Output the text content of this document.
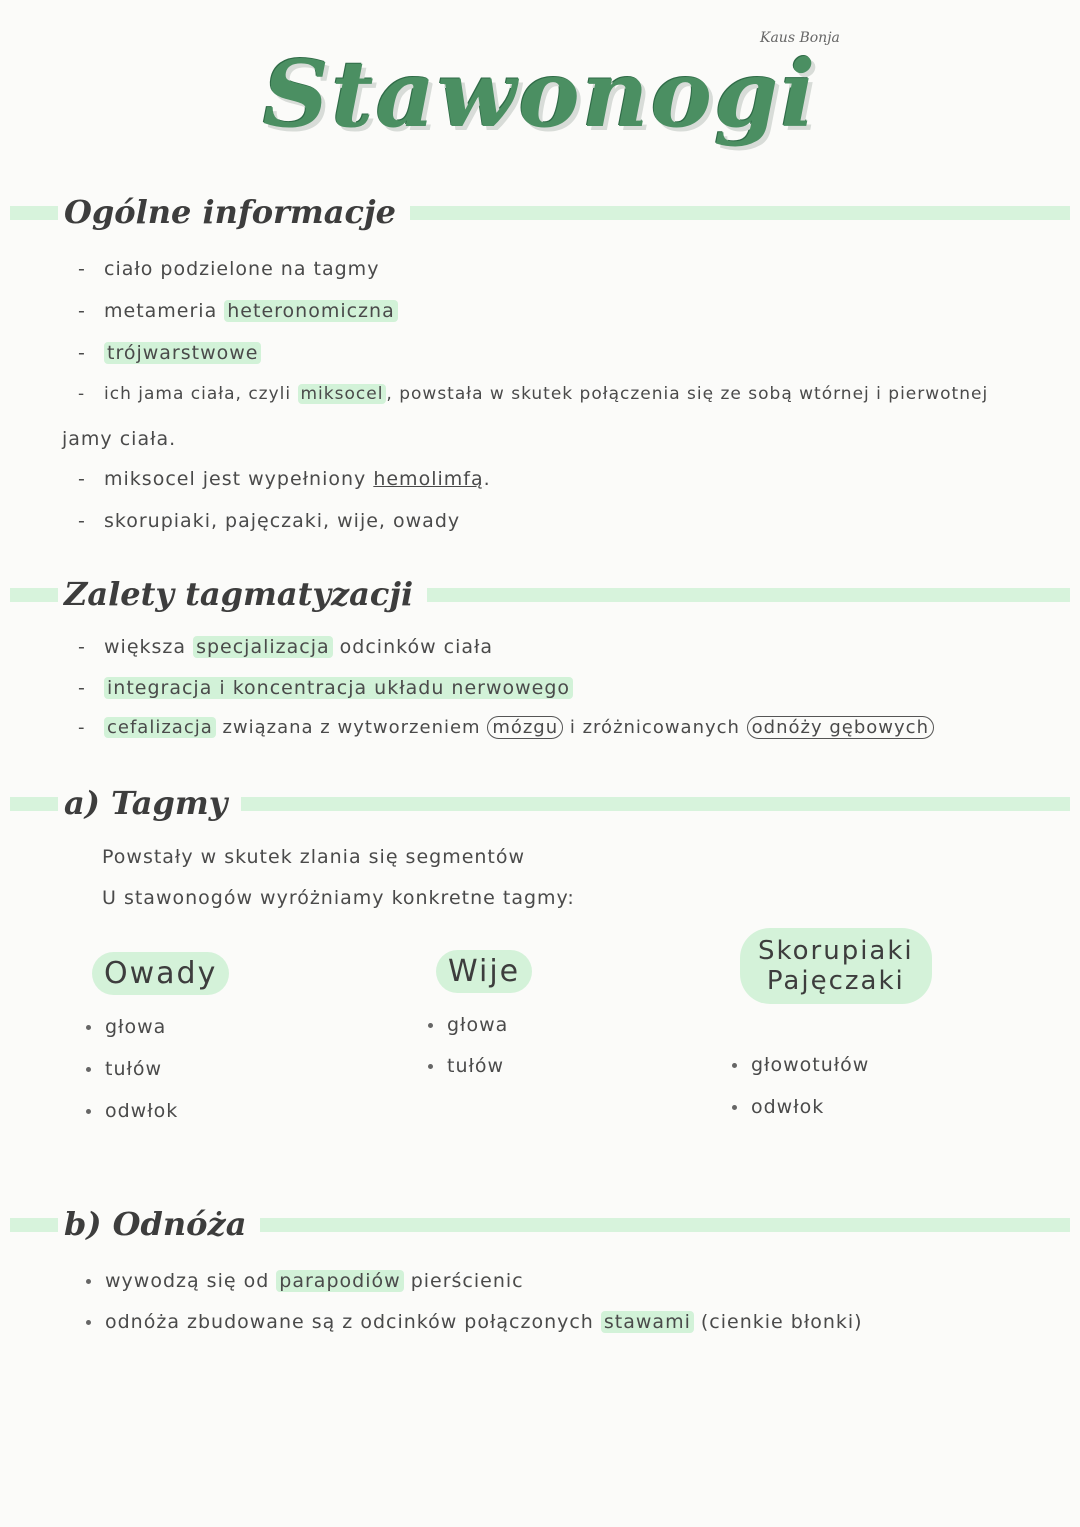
Kaus Bonja
Stawonogi
Ogólne informacje
- ciało podzielone na tagmy
- metameria heteronomiczna
- trójwarstwowe
- ich jama ciała, czyli miksocel , powstała w skutek połączenia się ze sobą wtórnej i pierwotnej
jamy ciała.
- miksocel jest wypełniony hemolimfą.
- skorupiaki, pajęczaki, wije, owady
Zalety tagmatyzacji
- większa specjalizacja odcinków ciała
- integracja i koncentracja układu nerwowego
- cefalizacja związana z wytworzeniem mózgu i zróżnicowanych odnóży gębowych
a) Tagmy
Powstały w skutek zlania się segmentów
U stawonogów wyróżniamy konkretne tagmy:
Owady
głowa
tułów
odwłok
Wije
głowa
tułów
Skorupiaki
Pajęczaki
głowotułów
odwłok
b) Odnóża
wywodzą się od parapodiów pierścienic
odnóża zbudowane są z odcinków połączonych stawami (cienkie błonki)
